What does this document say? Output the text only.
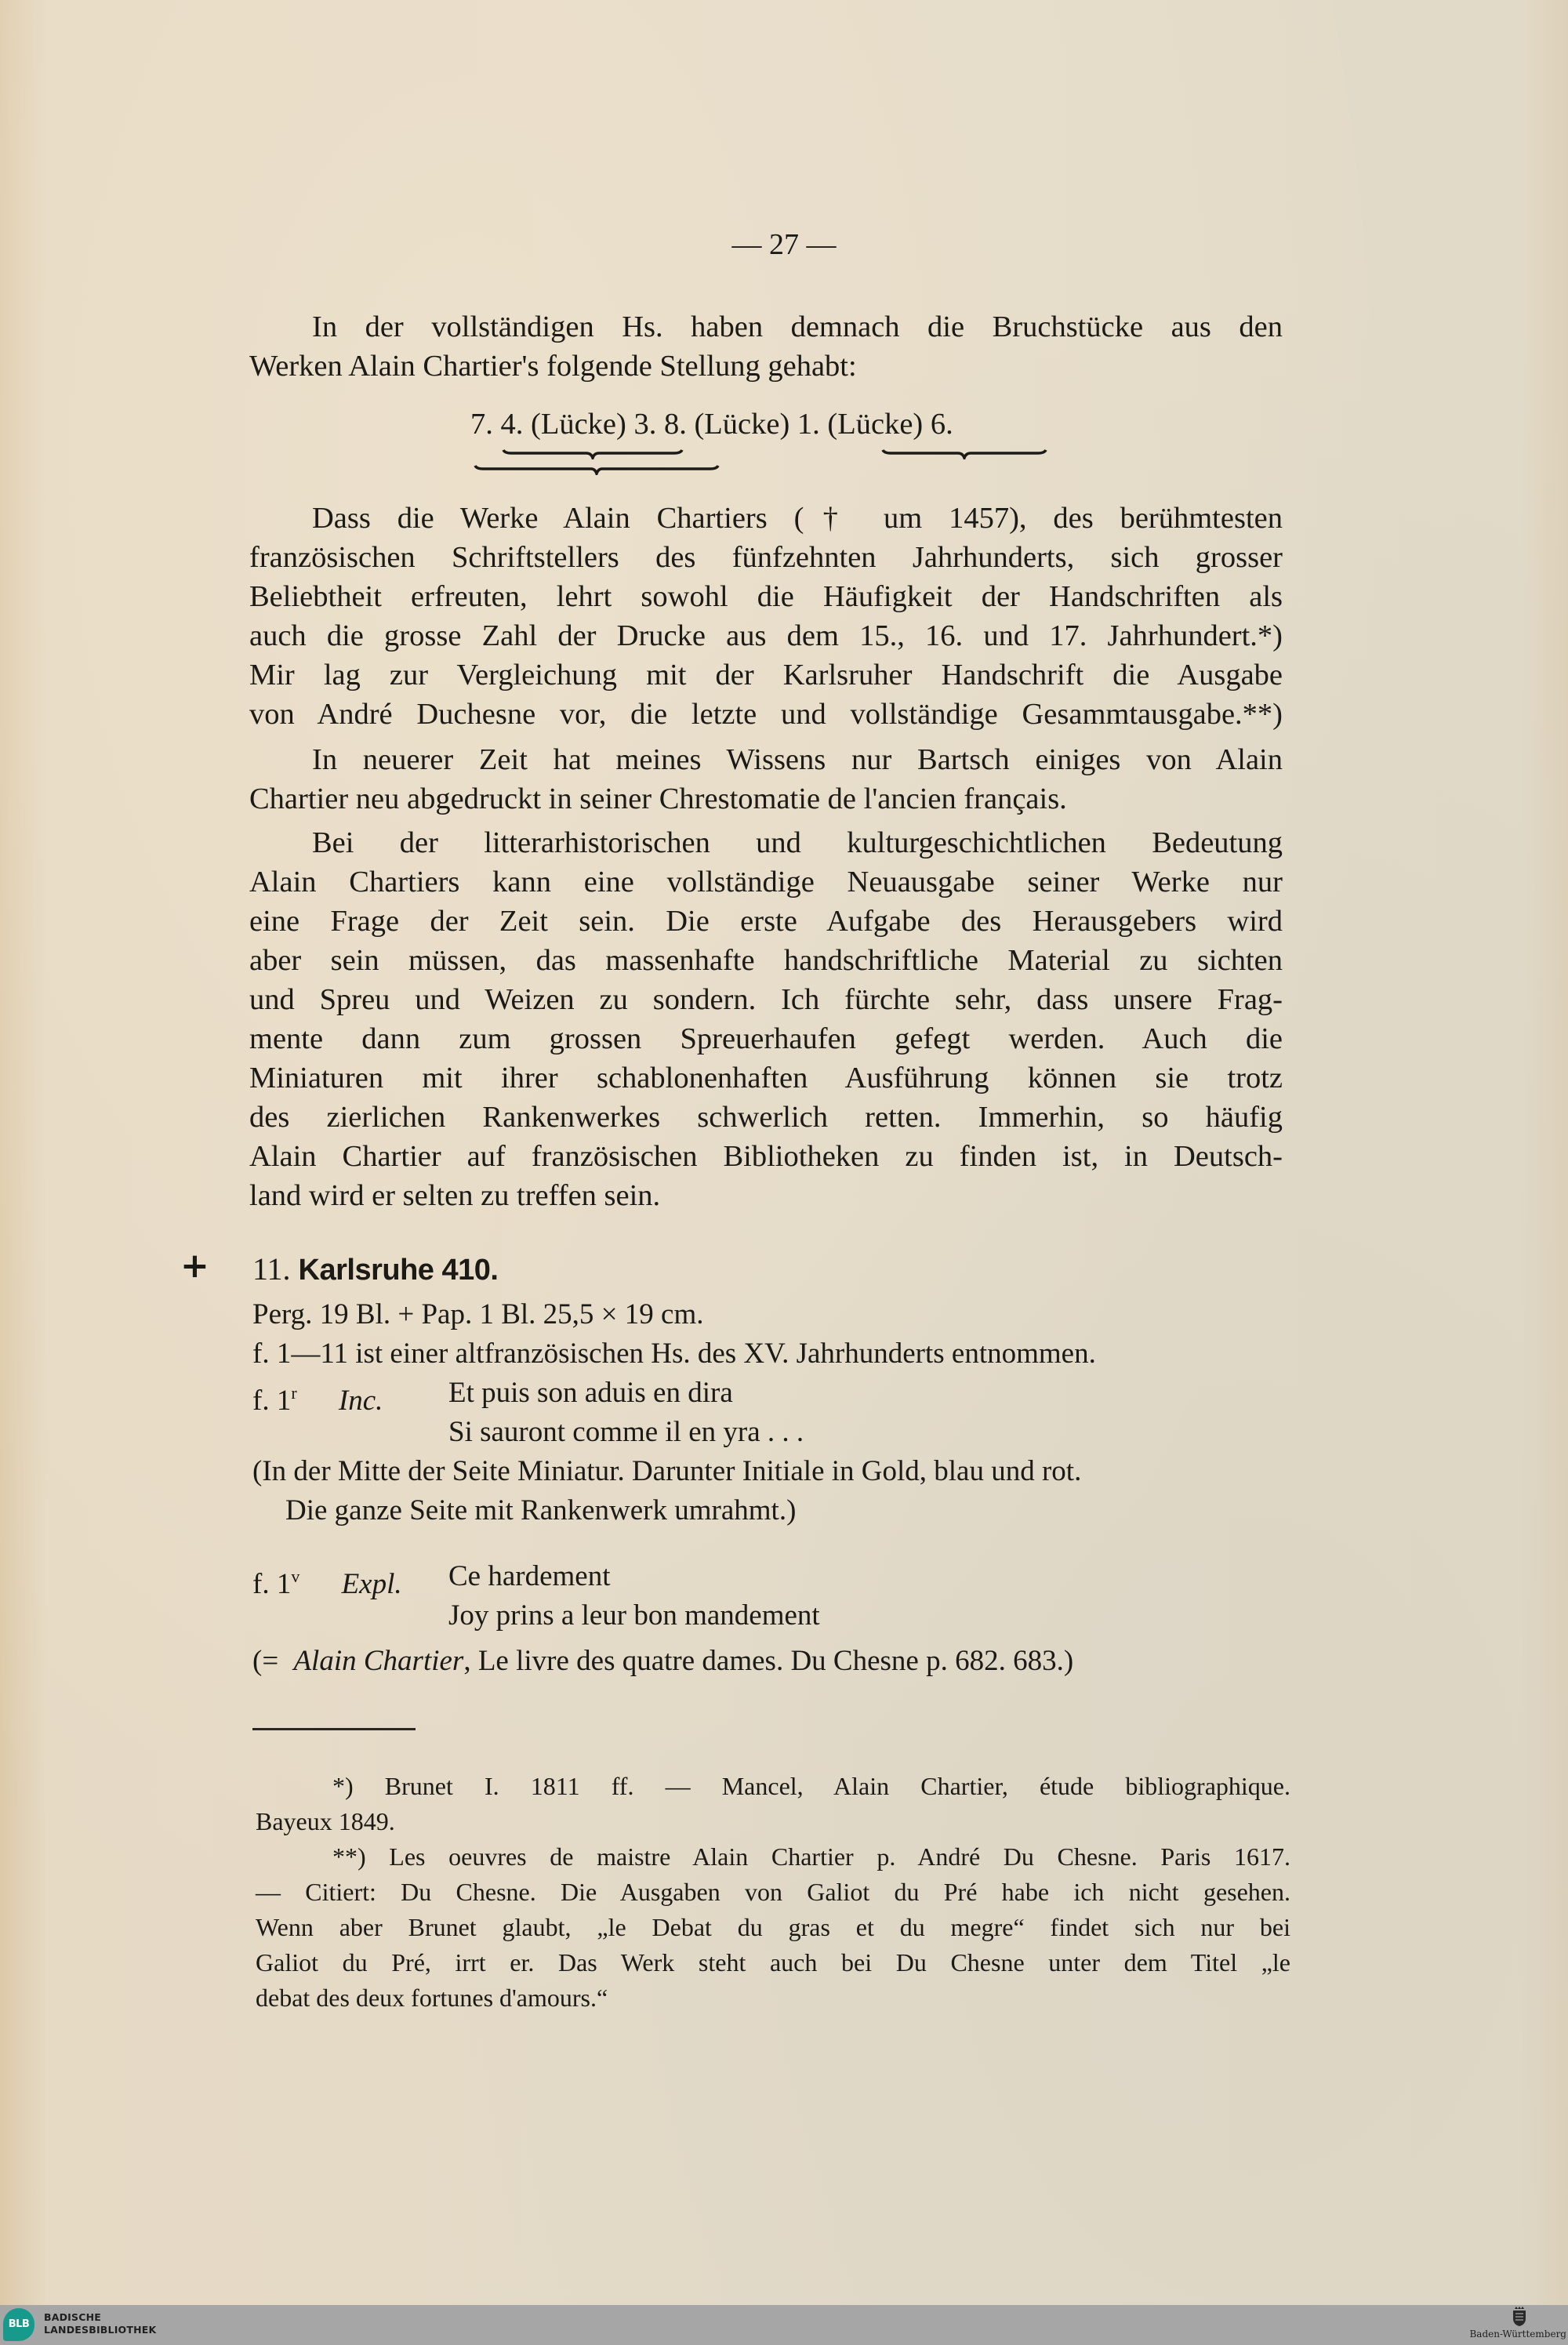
— 27 —
In der vollständigen Hs. haben demnach die Bruchstücke aus den
Werken Alain Chartier's folgende Stellung gehabt:
7. 4. (Lücke) 3. 8. (Lücke) 1. (Lücke) 6.
Dass die Werke Alain Chartiers († um 1457), des berühmtesten
französischen Schriftstellers des fünfzehnten Jahrhunderts, sich grosser
Beliebtheit erfreuten, lehrt sowohl die Häufigkeit der Handschriften als
auch die grosse Zahl der Drucke aus dem 15., 16. und 17. Jahrhundert.*)
Mir lag zur Vergleichung mit der Karlsruher Handschrift die Ausgabe
von André Duchesne vor, die letzte und vollständige Gesammtausgabe.**)
In neuerer Zeit hat meines Wissens nur Bartsch einiges von Alain
Chartier neu abgedruckt in seiner Chrestomatie de l'ancien français.
Bei der litterarhistorischen und kulturgeschichtlichen Bedeutung
Alain Chartiers kann eine vollständige Neuausgabe seiner Werke nur
eine Frage der Zeit sein. Die erste Aufgabe des Herausgebers wird
aber sein müssen, das massenhafte handschriftliche Material zu sichten
und Spreu und Weizen zu sondern. Ich fürchte sehr, dass unsere Frag-
mente dann zum grossen Spreuerhaufen gefegt werden. Auch die
Miniaturen mit ihrer schablonenhaften Ausführung können sie trotz
des zierlichen Rankenwerkes schwerlich retten. Immerhin, so häufig
Alain Chartier auf französischen Bibliotheken zu finden ist, in Deutsch-
land wird er selten zu treffen sein.
+ 11. Karlsruhe 410.
Perg. 19 Bl. + Pap. 1 Bl. 25,5 × 19 cm.
f. 1—11 ist einer altfranzösischen Hs. des XV. Jahrhunderts entnommen.
f. 1$^r$ Inc. Et puis son aduis en dira
Si sauront comme il en yra . . .
(In der Mitte der Seite Miniatur. Darunter Initiale in Gold, blau und rot.
Die ganze Seite mit Rankenwerk umrahmt.)
f. 1$^v$ Expl. Ce hardement
Joy prins a leur bon mandement
(= Alain Chartier, Le livre des quatre dames. Du Chesne p. 682. 683.)
*) Brunet I. 1811 ff. — Mancel, Alain Chartier, étude bibliographique.
Bayeux 1849.
**) Les oeuvres de maistre Alain Chartier p. André Du Chesne. Paris 1617.
— Citiert: Du Chesne. Die Ausgaben von Galiot du Pré habe ich nicht gesehen.
Wenn aber Brunet glaubt, „le Debat du gras et du megre“ findet sich nur bei
Galiot du Pré, irrt er. Das Werk steht auch bei Du Chesne unter dem Titel „le
debat des deux fortunes d'amours.“
BLB
BADISCHE
LANDESBIBLIOTHEK	Baden-Württemberg
